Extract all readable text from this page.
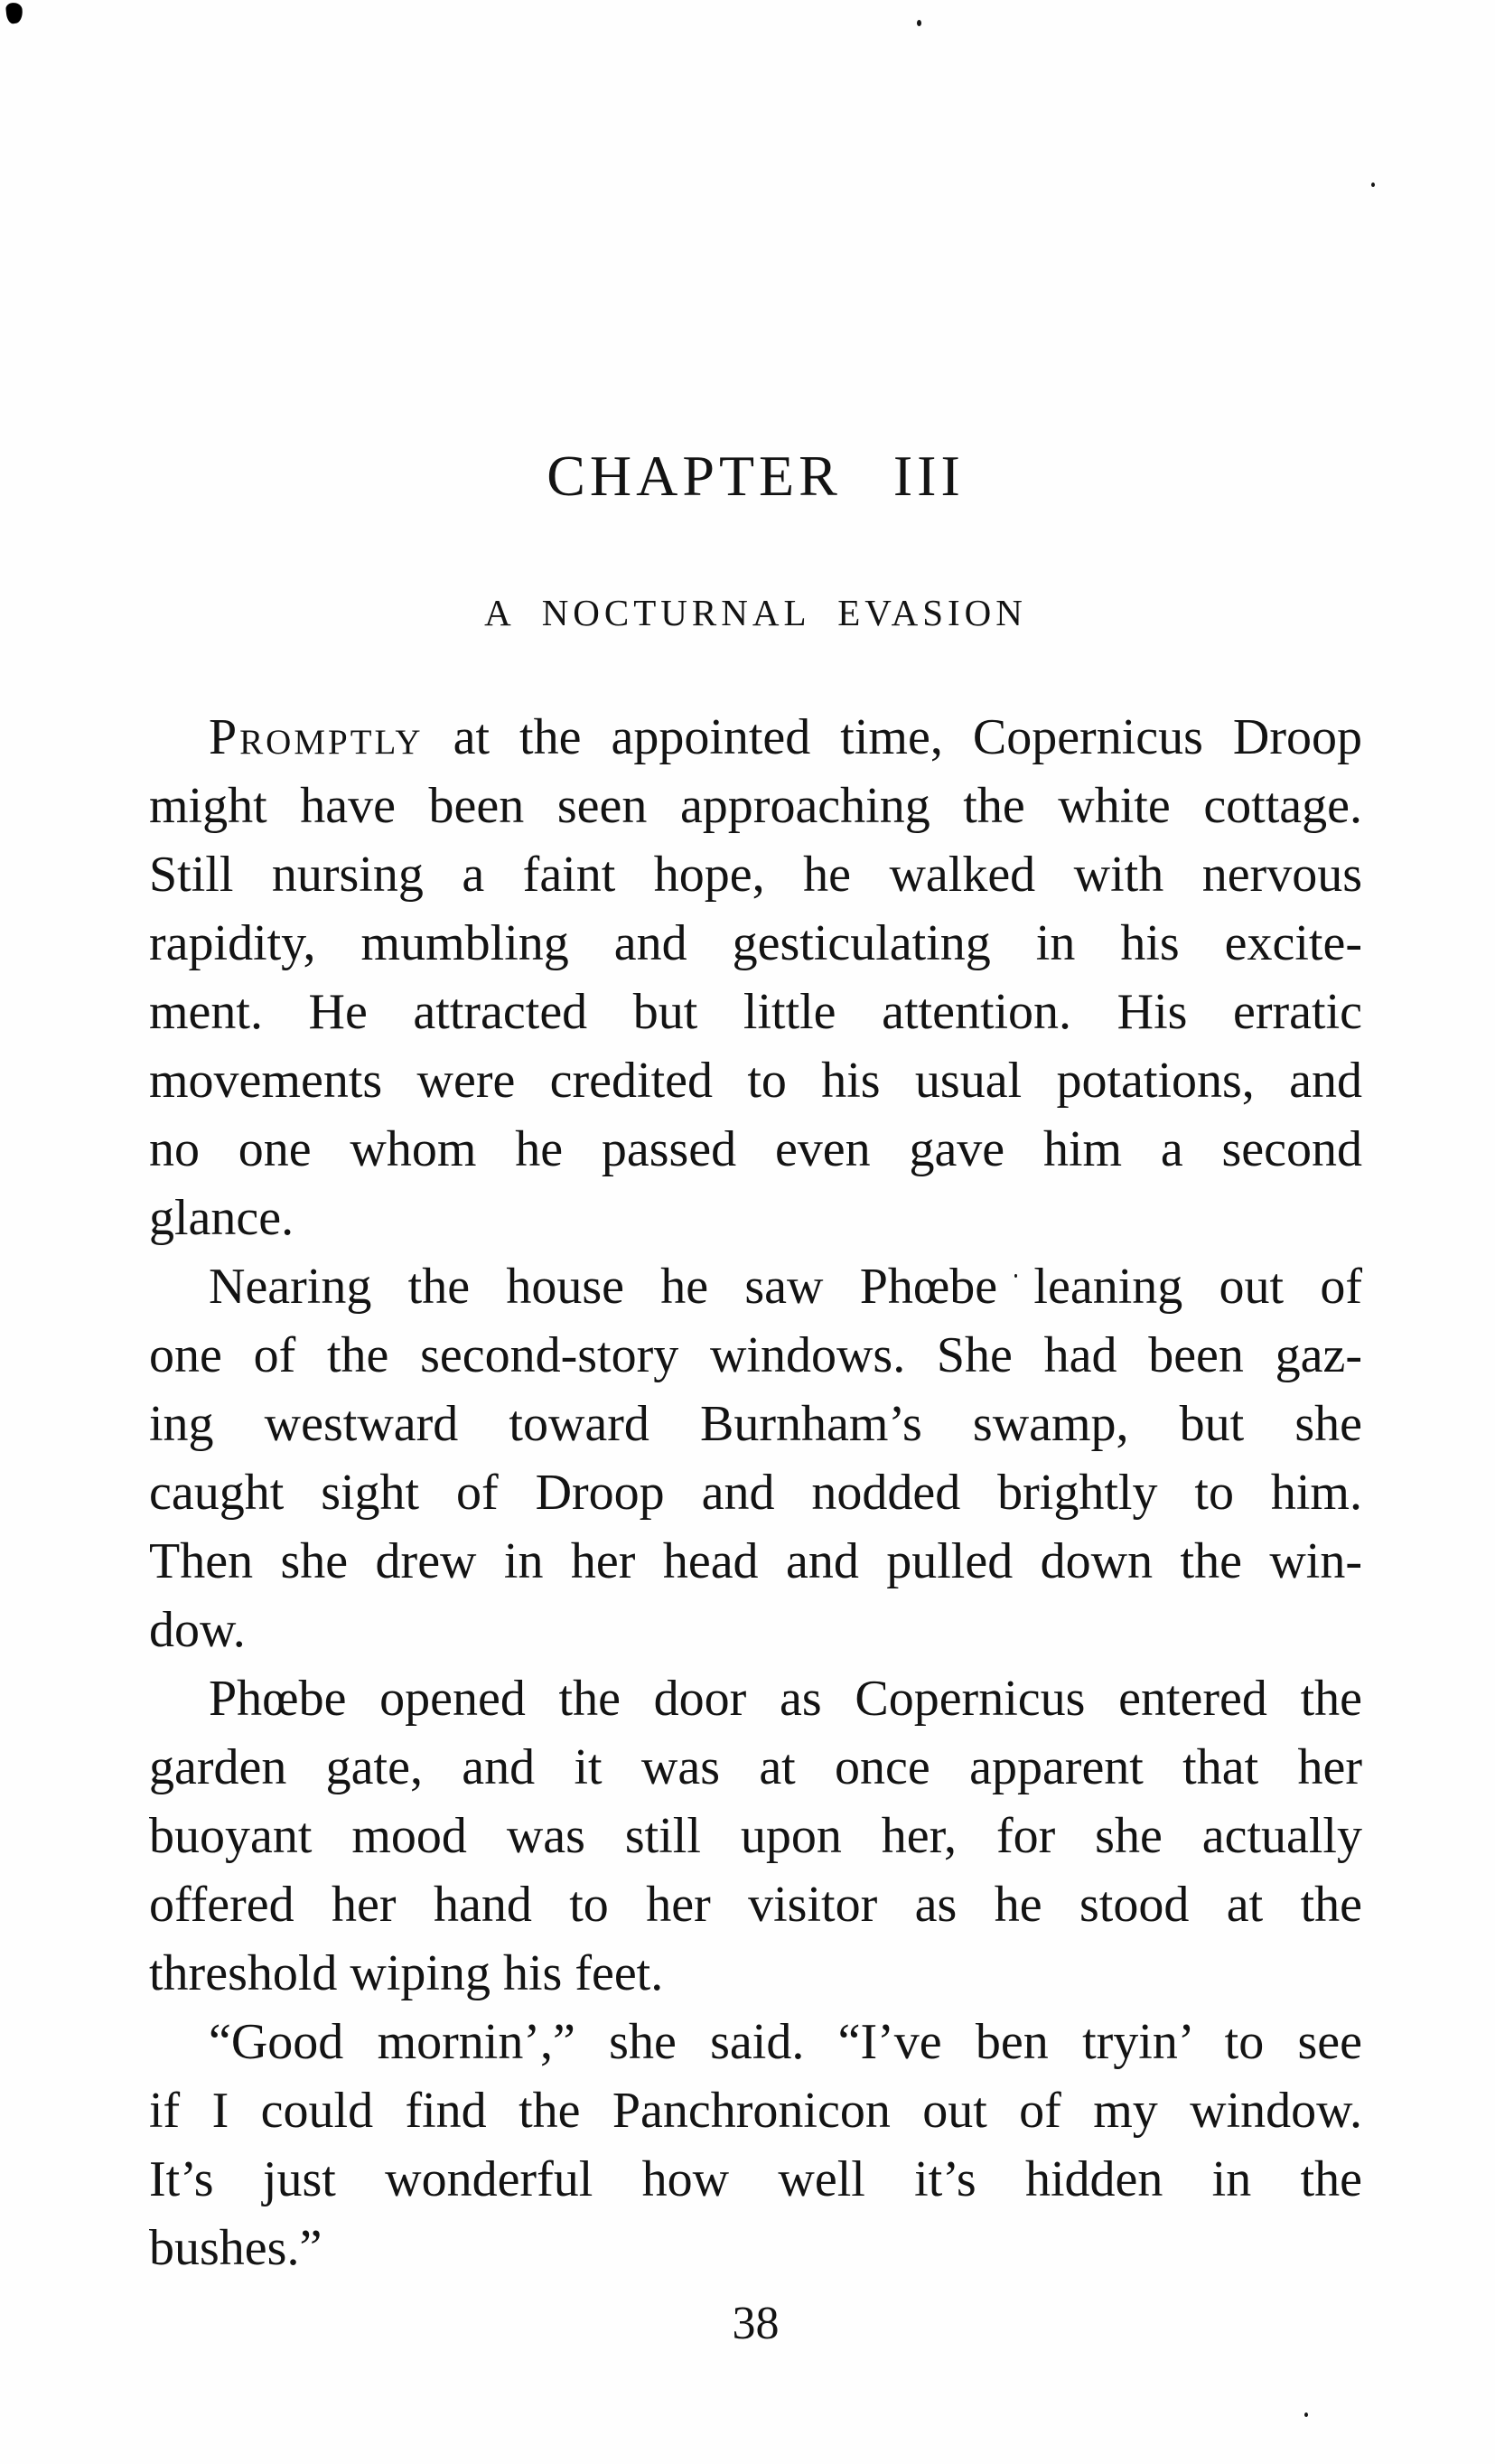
CHAPTER III
A NOCTURNAL EVASION
Promptly at the appointed time, Copernicus Droop
might have been seen approaching the white cottage.
Still nursing a faint hope, he walked with nervous
rapidity, mumbling and gesticulating in his excite-
ment. He attracted but little attention. His erratic
movements were credited to his usual potations, and
no one whom he passed even gave him a second
glance.
Nearing the house he saw Phœbe leaning out of
one of the second-story windows. She had been gaz-
ing westward toward Burnham’s swamp, but she
caught sight of Droop and nodded brightly to him.
Then she drew in her head and pulled down the win-
dow.
Phœbe opened the door as Copernicus entered the
garden gate, and it was at once apparent that her
buoyant mood was still upon her, for she actually
offered her hand to her visitor as he stood at the
threshold wiping his feet.
“Good mornin’,” she said. “I’ve ben tryin’ to see
if I could find the Panchronicon out of my window.
It’s just wonderful how well it’s hidden in the
bushes.”
38
